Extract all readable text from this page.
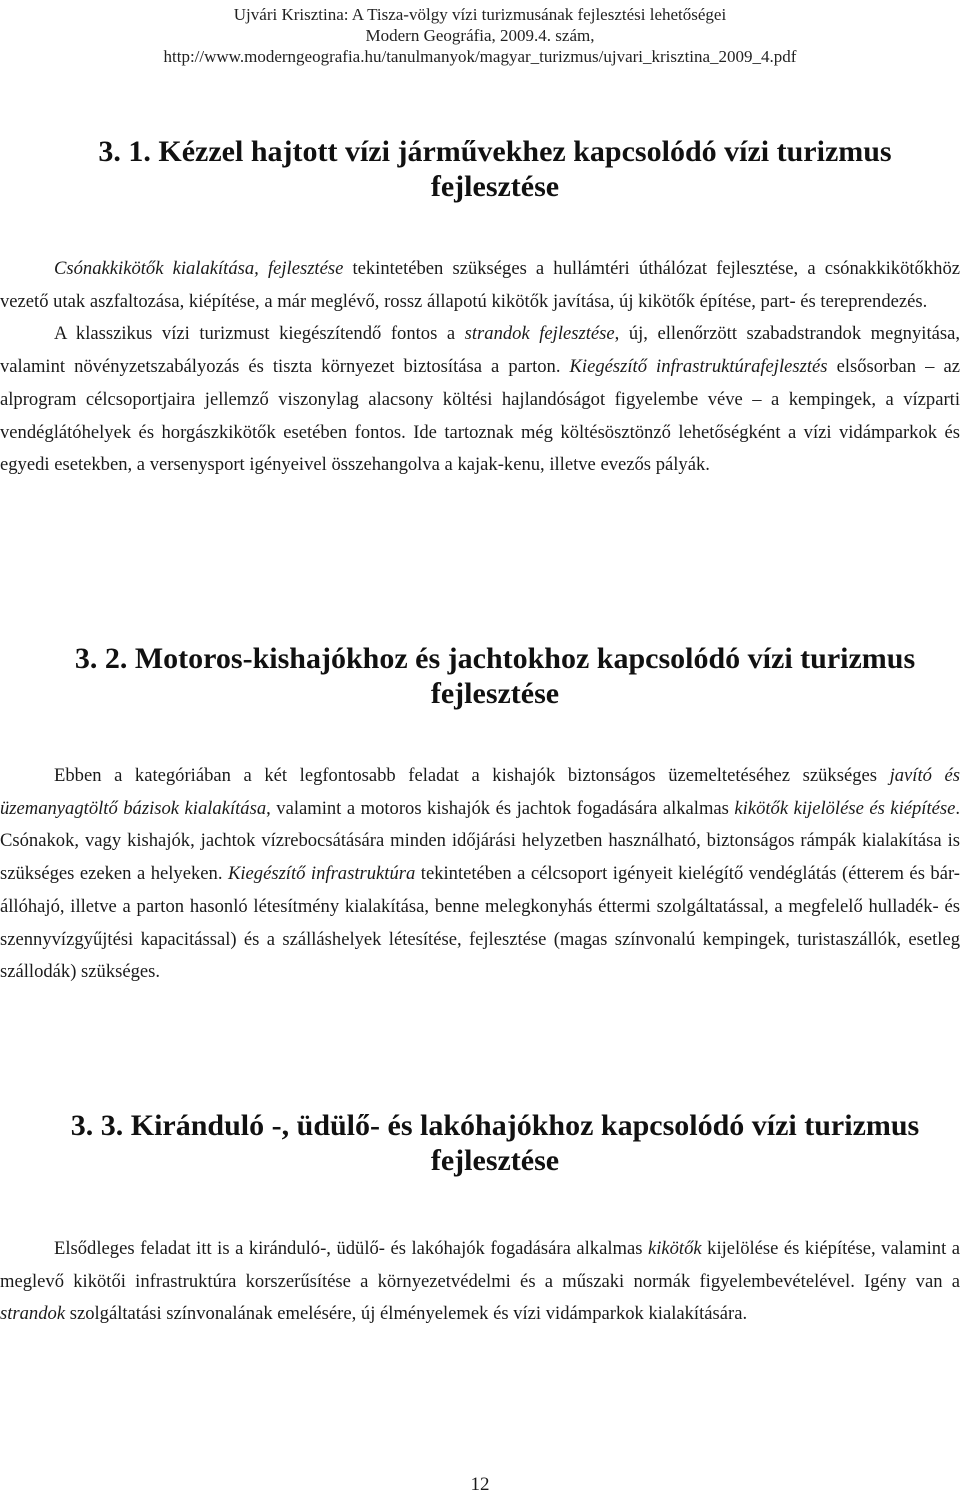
Ujvári Krisztina: A Tisza-völgy vízi turizmusának fejlesztési lehetőségei
Modern Geográfia, 2009.4. szám,
http://www.moderngeografia.hu/tanulmanyok/magyar_turizmus/ujvari_krisztina_2009_4.pdf
3. 1. Kézzel hajtott vízi járművekhez kapcsolódó vízi turizmus
fejlesztése

Csónakkikötők kialakítása, fejlesztése tekintetében szükséges a hullámtéri úthálózat fejlesztése, a csónakkikötőkhöz vezető utak aszfaltozása, kiépítése, a már meglévő, rossz állapotú kikötők javítása, új kikötők építése, part- és tereprendezés.

A klasszikus vízi turizmust kiegészítendő fontos a strandok fejlesztése, új, ellenőrzött szabadstrandok megnyitása, valamint növényzetszabályozás és tiszta környezet biztosítása a parton. Kiegészítő infrastruktúrafejlesztés elsősorban – az alprogram célcsoportjaira jellemző viszonylag alacsony költési hajlandóságot figyelembe véve – a kempingek, a vízparti vendéglátóhelyek és horgászkikötők esetében fontos. Ide tartoznak még költésösztönző lehetőségként a vízi vidámparkok és egyedi esetekben, a versenysport igényeivel összehangolva a kajak-kenu, illetve evezős pályák.

3. 2. Motoros-kishajókhoz és jachtokhoz kapcsolódó vízi turizmus
fejlesztése

Ebben a kategóriában a két legfontosabb feladat a kishajók biztonságos üzemeltetéséhez szükséges javító és üzemanyagtöltő bázisok kialakítása, valamint a motoros kishajók és jachtok fogadására alkalmas kikötők kijelölése és kiépítése. Csónakok, vagy kishajók, jachtok vízrebocsátására minden időjárási helyzetben használható, biztonságos rámpák kialakítása is szükséges ezeken a helyeken. Kiegészítő infrastruktúra tekintetében a célcsoport igényeit kielégítő vendéglátás (étterem és bár-állóhajó, illetve a parton hasonló létesítmény kialakítása, benne melegkonyhás éttermi szolgáltatással, a megfelelő hulladék- és szennyvízgyűjtési kapacitással) és a szálláshelyek létesítése, fejlesztése (magas színvonalú kempingek, turistaszállók, esetleg szállodák) szükséges.

3. 3. Kiránduló -, üdülő- és lakóhajókhoz kapcsolódó vízi turizmus
fejlesztése

Elsődleges feladat itt is a kiránduló-, üdülő- és lakóhajók fogadására alkalmas kikötők kijelölése és kiépítése, valamint a meglevő kikötői infrastruktúra korszerűsítése a környezetvédelmi és a műszaki normák figyelembevételével. Igény van a strandok szolgáltatási színvonalának emelésére, új élményelemek és vízi vidámparkok kialakítására.

12
